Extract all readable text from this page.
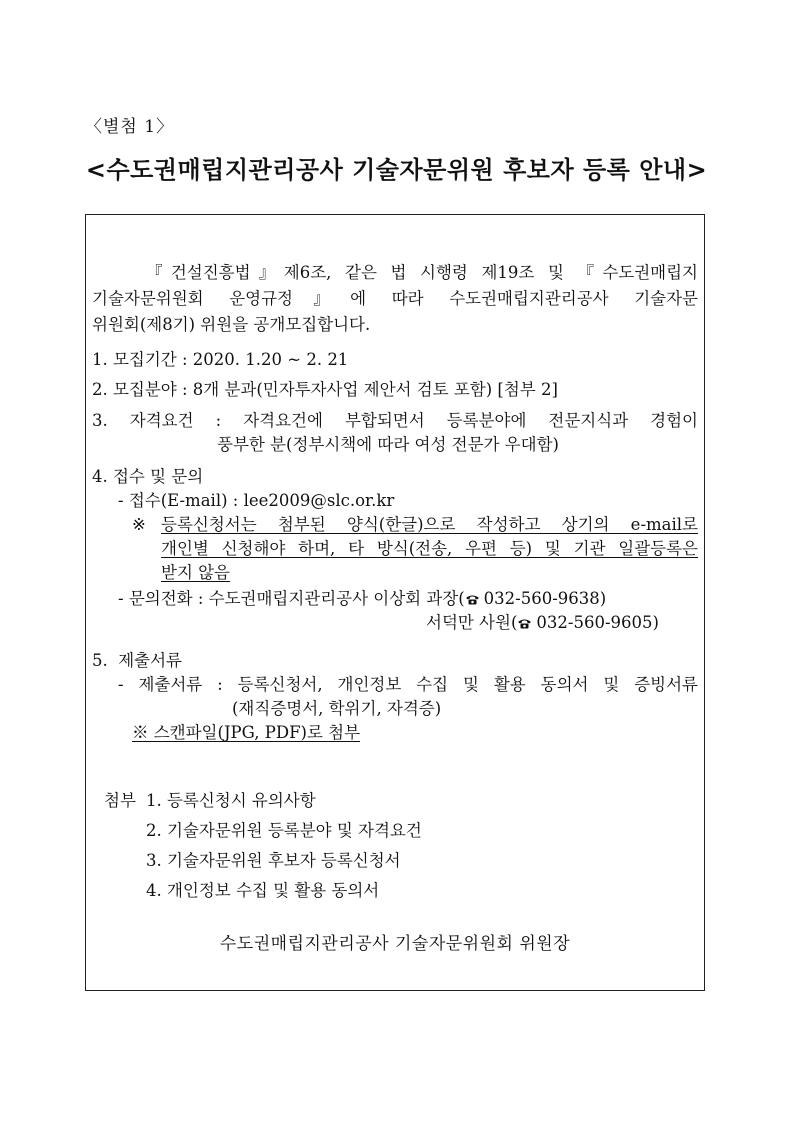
〈별첨 1〉
<수도권매립지관리공사 기술자문위원 후보자 등록 안내>
『건설진흥법』제6조, 같은 법 시행령 제19조 및 『수도권매립지
기술자문위원회 운영규정』에 따라 수도권매립지관리공사 기술자문
위원회(제8기) 위원을 공개모집합니다.
1. 모집기간 : 2020. 1.20 ~ 2. 21
2. 모집분야 : 8개 분과(민자투자사업 제안서 검토 포함) [첨부 2]
3. 자격요건 : 자격요건에 부합되면서 등록분야에 전문지식과 경험이
풍부한 분(정부시책에 따라 여성 전문가 우대함)
4. 접수 및 문의
- 접수(E-mail) : lee2009@slc.or.kr
※ 등록신청서는 첨부된 양식(한글)으로 작성하고 상기의 e-mail로
개인별 신청해야 하며, 타 방식(전송, 우편 등) 및 기관 일괄등록은
받지 않음
- 문의전화 : 수도권매립지관리공사 이상회 과장( 032-560-9638)
서덕만 사원( 032-560-9605)
5.  제출서류
- 제출서류 : 등록신청서, 개인정보 수집 및 활용 동의서 및 증빙서류
(재직증명서, 학위기, 자격증)
※ 스캔파일(JPG, PDF)로 첨부
첨부 1. 등록신청시 유의사항
2. 기술자문위원 등록분야 및 자격요건
3. 기술자문위원 후보자 등록신청서
4. 개인정보 수집 및 활용 동의서
수도권매립지관리공사 기술자문위원회 위원장
